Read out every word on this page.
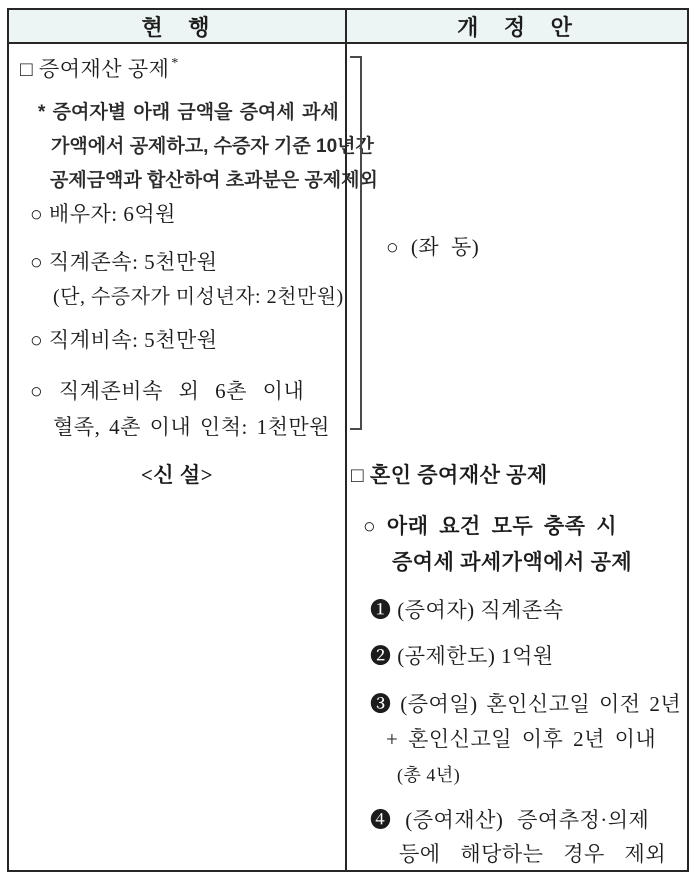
현 행	개 정 안
□ 증여재산 공제 *
* 증여자별 아래 금액을 증여세 과세
가액에서 공제하고, 수증자 기준 10년간
공제금액과 합산하여 초과분은 공제제외
○ 배우자: 6억원
○ 직계존속: 5천만원
(단, 수증자가 미성년자: 2천만원)
○ 직계비속: 5천만원
○ 직계존비속 외 6촌 이내
혈족, 4촌 이내 인척: 1천만원
<신 설>
○ (좌 동)
□ 혼인 증여재산 공제
○ 아래 요건 모두 충족 시
증여세 과세가액에서 공제
❶ (증여자) 직계존속
❷ (공제한도) 1억원
❸ (증여일) 혼인신고일 이전 2년
+ 혼인신고일 이후 2년 이내
(총 4년)
❹ (증여재산) 증여추정·의제
등에 해당하는 경우 제외
